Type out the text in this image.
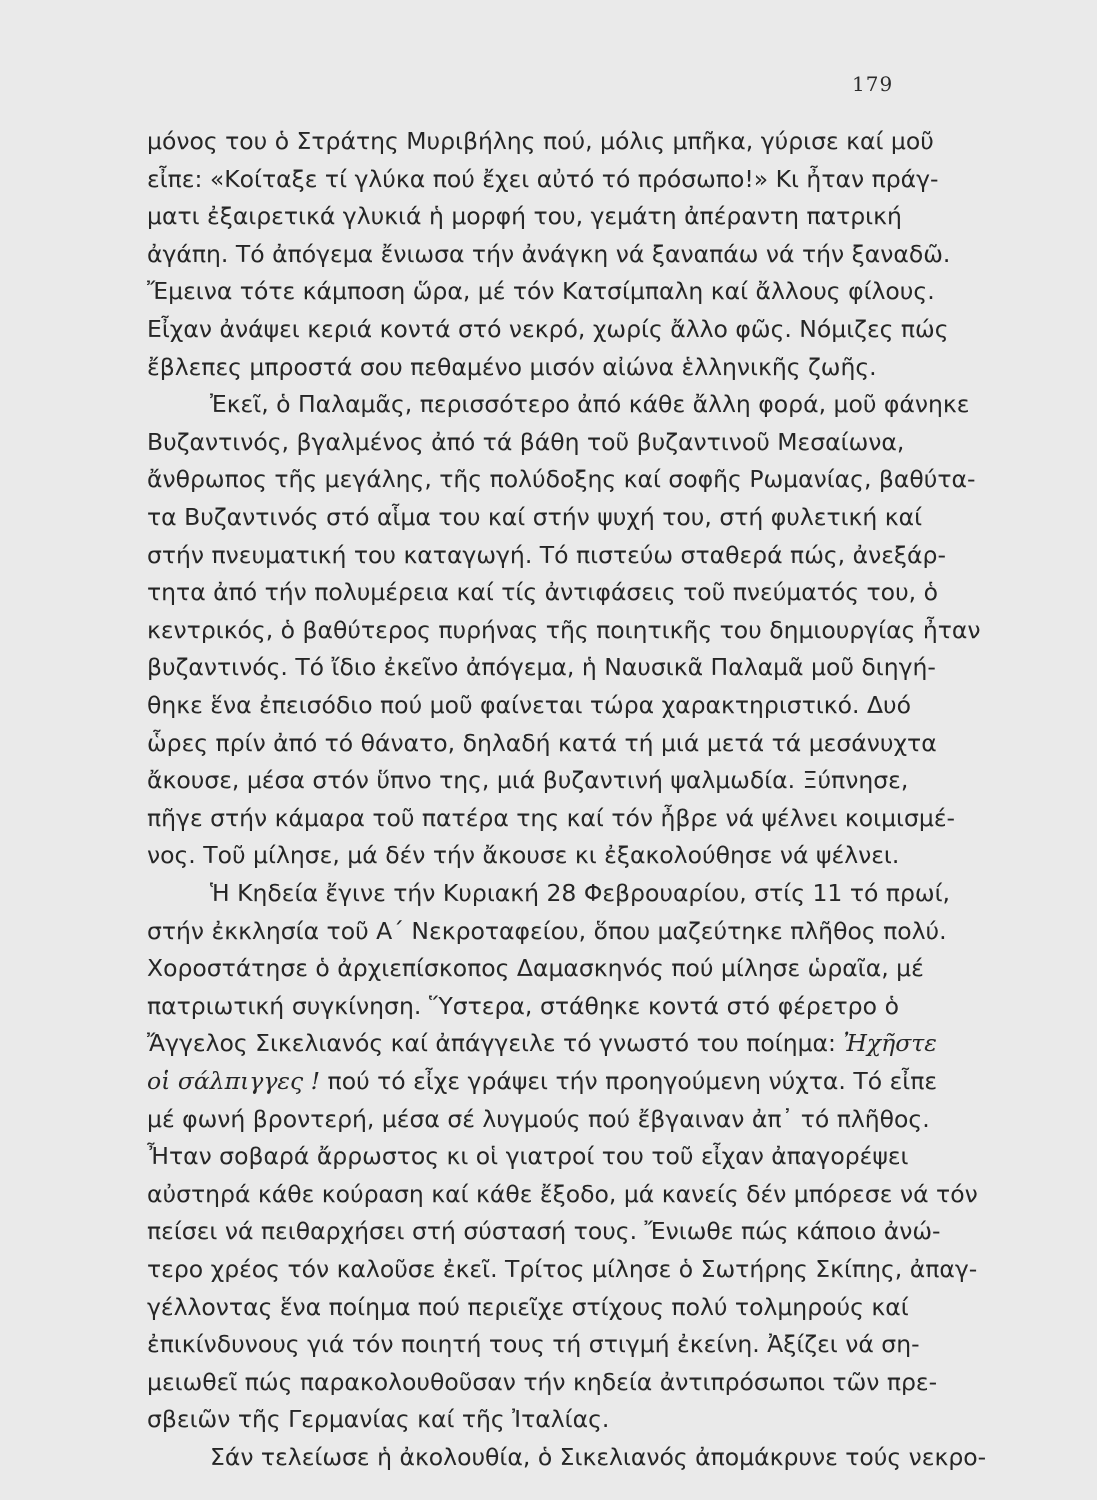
179
μόνος του ὁ Στράτης Μυριβήλης πού, μόλις μπῆκα, γύρισε καί μοῦ
εἶπε: «Κοίταξε τί γλύκα πού ἔχει αὐτό τό πρόσωπο!» Κι ἦταν πράγ-
ματι ἐξαιρετικά γλυκιά ἡ μορφή του, γεμάτη ἀπέραντη πατρική
ἀγάπη. Τό ἀπόγεμα ἔνιωσα τήν ἀνάγκη νά ξαναπάω νά τήν ξαναδῶ.
Ἔμεινα τότε κάμποση ὥρα, μέ τόν Κατσίμπαλη καί ἄλλους φίλους.
Εἶχαν ἀνάψει κεριά κοντά στό νεκρό, χωρίς ἄλλο φῶς. Νόμιζες πώς
ἔβλεπες μπροστά σου πεθαμένο μισόν αἰώνα ἑλληνικῆς ζωῆς.
Ἐκεῖ, ὁ Παλαμᾶς, περισσότερο ἀπό κάθε ἄλλη φορά, μοῦ φάνηκε
Βυζαντινός, βγαλμένος ἀπό τά βάθη τοῦ βυζαντινοῦ Μεσαίωνα,
ἄνθρωπος τῆς μεγάλης, τῆς πολύδοξης καί σοφῆς Ρωμανίας, βαθύτα-
τα Βυζαντινός στό αἷμα του καί στήν ψυχή του, στή φυλετική καί
στήν πνευματική του καταγωγή. Τό πιστεύω σταθερά πώς, ἀνεξάρ-
τητα ἀπό τήν πολυμέρεια καί τίς ἀντιφάσεις τοῦ πνεύματός του, ὁ
κεντρικός, ὁ βαθύτερος πυρήνας τῆς ποιητικῆς του δημιουργίας ἦταν
βυζαντινός. Τό ἴδιο ἐκεῖνο ἀπόγεμα, ἡ Ναυσικᾶ Παλαμᾶ μοῦ διηγή-
θηκε ἕνα ἐπεισόδιο πού μοῦ φαίνεται τώρα χαρακτηριστικό. Δυό
ὧρες πρίν ἀπό τό θάνατο, δηλαδή κατά τή μιά μετά τά μεσάνυχτα
ἄκουσε, μέσα στόν ὕπνο της, μιά βυζαντινή ψαλμωδία. Ξύπνησε,
πῆγε στήν κάμαρα τοῦ πατέρα της καί τόν ἦβρε νά ψέλνει κοιμισμέ-
νος. Τοῦ μίλησε, μά δέν τήν ἄκουσε κι ἐξακολούθησε νά ψέλνει.
Ἡ Κηδεία ἔγινε τήν Κυριακή 28 Φεβρουαρίου, στίς 11 τό πρωί,
στήν ἐκκλησία τοῦ Α΄ Νεκροταφείου, ὅπου μαζεύτηκε πλῆθος πολύ.
Χοροστάτησε ὁ ἀρχιεπίσκοπος Δαμασκηνός πού μίλησε ὡραῖα, μέ
πατριωτική συγκίνηση. Ὕστερα, στάθηκε κοντά στό φέρετρο ὁ
Ἄγγελος Σικελιανός καί ἀπάγγειλε τό γνωστό του ποίημα: Ἠχῆστε
οἱ σάλπιγγες ! πού τό εἶχε γράψει τήν προηγούμενη νύχτα. Τό εἶπε
μέ φωνή βροντερή, μέσα σέ λυγμούς πού ἔβγαιναν ἀπ᾽ τό πλῆθος.
Ἦταν σοβαρά ἄρρωστος κι οἱ γιατροί του τοῦ εἶχαν ἀπαγορέψει
αὐστηρά κάθε κούραση καί κάθε ἔξοδο, μά κανείς δέν μπόρεσε νά τόν
πείσει νά πειθαρχήσει στή σύστασή τους. Ἔνιωθε πώς κάποιο ἀνώ-
τερο χρέος τόν καλοῦσε ἐκεῖ. Τρίτος μίλησε ὁ Σωτήρης Σκίπης, ἀπαγ-
γέλλοντας ἕνα ποίημα πού περιεῖχε στίχους πολύ τολμηρούς καί
ἐπικίνδυνους γιά τόν ποιητή τους τή στιγμή ἐκείνη. Ἀξίζει νά ση-
μειωθεῖ πώς παρακολουθοῦσαν τήν κηδεία ἀντιπρόσωποι τῶν πρε-
σβειῶν τῆς Γερμανίας καί τῆς Ἰταλίας.
Σάν τελείωσε ἡ ἀκολουθία, ὁ Σικελιανός ἀπομάκρυνε τούς νεκρο-
